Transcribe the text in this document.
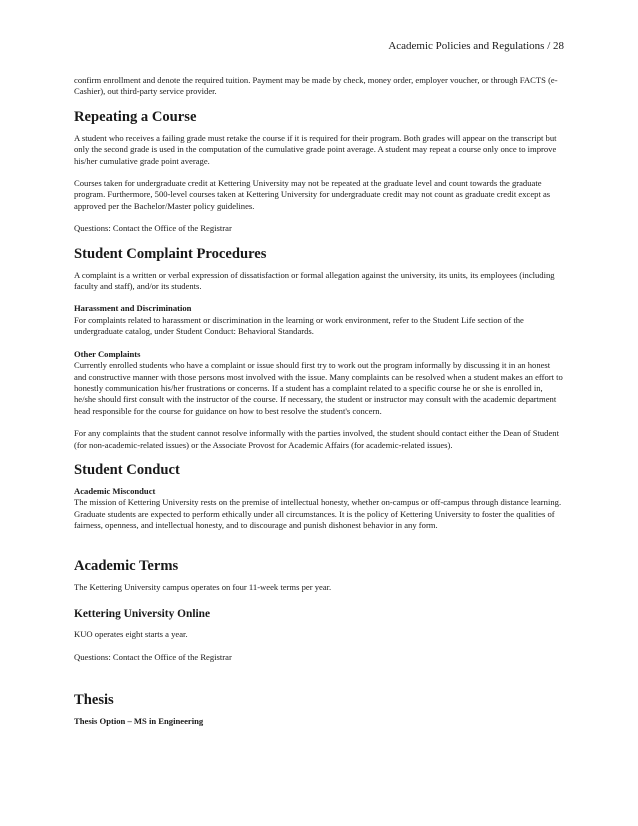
Academic Policies and Regulations / 28

confirm enrollment and denote the required tuition. Payment may be made by check, money order, employer voucher, or through FACTS (e-Cashier), out third-party service provider.

Repeating a Course

A student who receives a failing grade must retake the course if it is required for their program. Both grades will appear on the transcript but only the second grade is used in the computation of the cumulative grade point average. A student may repeat a course only once to improve his/her cumulative grade point average.

Courses taken for undergraduate credit at Kettering University may not be repeated at the graduate level and count towards the graduate program. Furthermore, 500-level courses taken at Kettering University for undergraduate credit may not count as graduate credit except as approved per the Bachelor/Master policy guidelines.

Questions: Contact the Office of the Registrar

Student Complaint Procedures

A complaint is a written or verbal expression of dissatisfaction or formal allegation against the university, its units, its employees (including faculty and staff), and/or its students.

Harassment and Discrimination

For complaints related to harassment or discrimination in the learning or work environment, refer to the Student Life section of the undergraduate catalog, under Student Conduct: Behavioral Standards.

Other Complaints

Currently enrolled students who have a complaint or issue should first try to work out the program informally by discussing it in an honest and constructive manner with those persons most involved with the issue. Many complaints can be resolved when a student makes an effort to honestly communication his/her frustrations or concerns. If a student has a complaint related to a specific course he or she is enrolled in, he/she should first consult with the instructor of the course. If necessary, the student or instructor may consult with the academic department head responsible for the course for guidance on how to best resolve the student's concern.

For any complaints that the student cannot resolve informally with the parties involved, the student should contact either the Dean of Student (for non-academic-related issues) or the Associate Provost for Academic Affairs (for academic-related issues).

Student Conduct
Academic Misconduct

The mission of Kettering University rests on the premise of intellectual honesty, whether on-campus or off-campus through distance learning. Graduate students are expected to perform ethically under all circumstances. It is the policy of Kettering University to foster the qualities of fairness, openness, and intellectual honesty, and to discourage and punish dishonest behavior in any form.

Academic Terms

The Kettering University campus operates on four 11-week terms per year.

Kettering University Online

KUO operates eight starts a year.

Questions: Contact the Office of the Registrar

Thesis
Thesis Option – MS in Engineering
